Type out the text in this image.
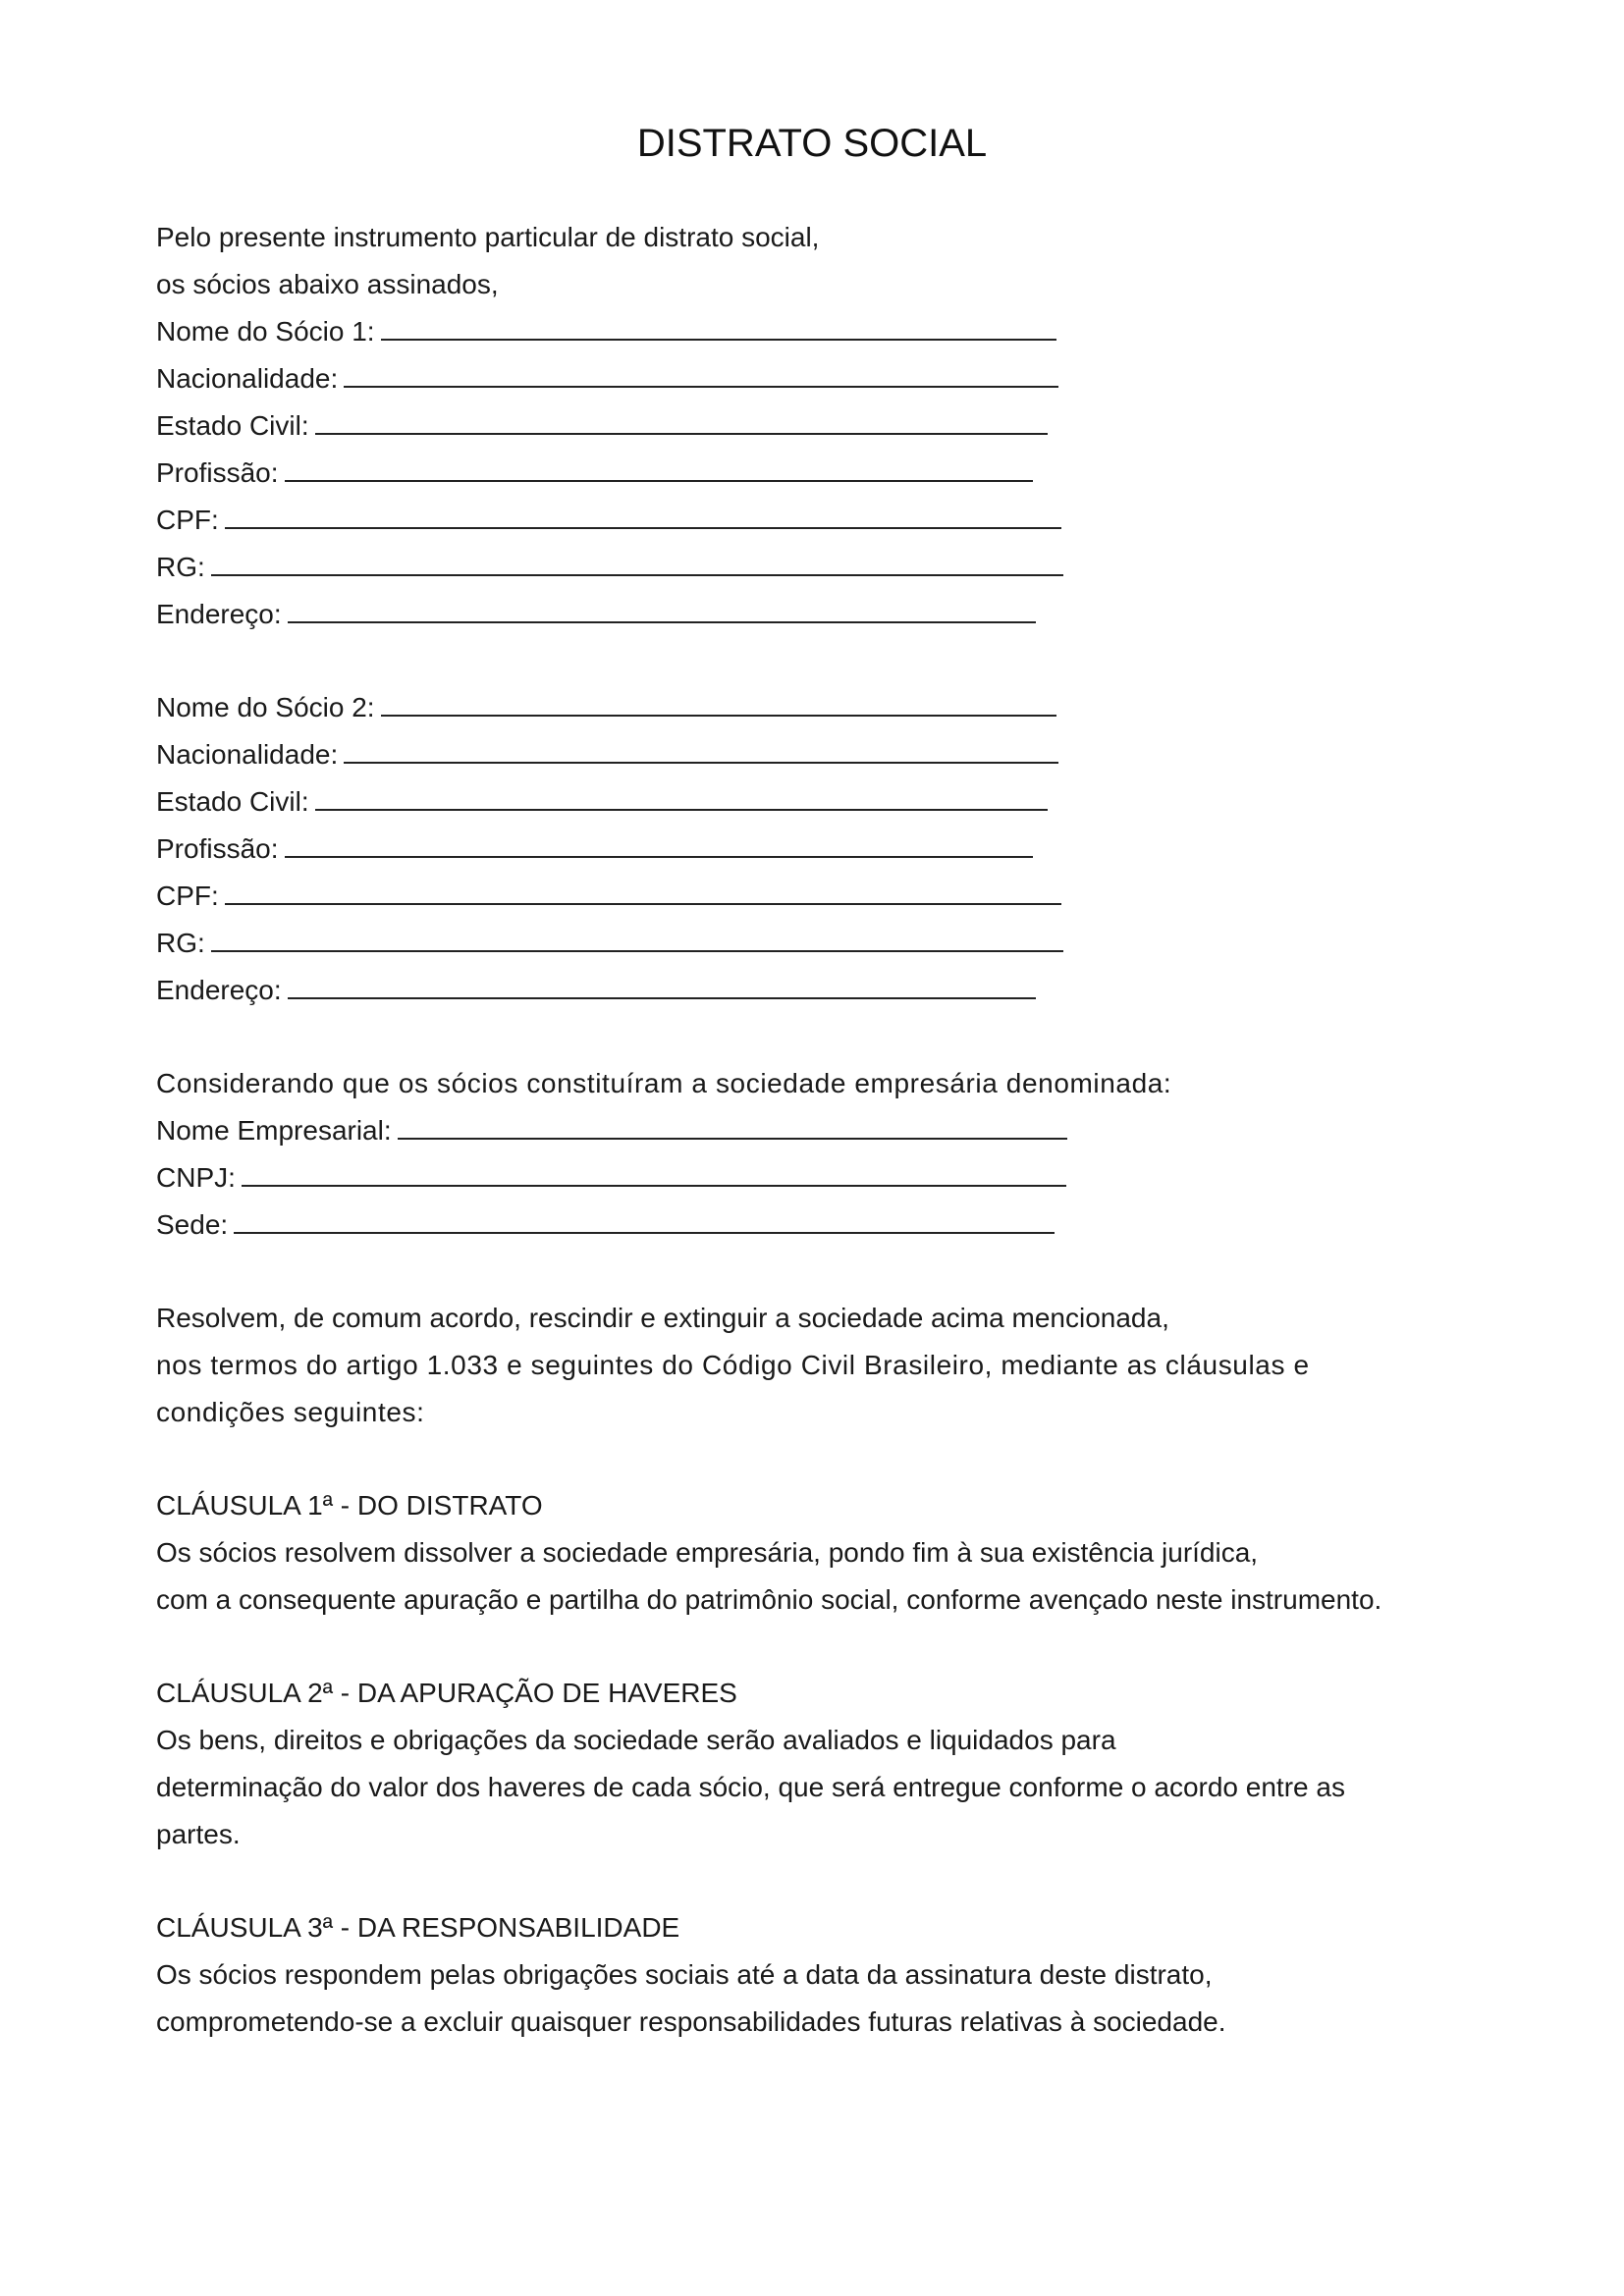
DISTRATO SOCIAL
Pelo presente instrumento particular de distrato social,
os sócios abaixo assinados,
Nome do Sócio 1:
Nacionalidade:
Estado Civil:
Profissão:
CPF:
RG:
Endereço:
Nome do Sócio 2:
Nacionalidade:
Estado Civil:
Profissão:
CPF:
RG:
Endereço:
Considerando que os sócios constituíram a sociedade empresária denominada:
Nome Empresarial:
CNPJ:
Sede:
Resolvem, de comum acordo, rescindir e extinguir a sociedade acima mencionada,
nos termos do artigo 1.033 e seguintes do Código Civil Brasileiro, mediante as cláusulas e
condições seguintes:
CLÁUSULA 1ª - DO DISTRATO
Os sócios resolvem dissolver a sociedade empresária, pondo fim à sua existência jurídica,
com a consequente apuração e partilha do patrimônio social, conforme avençado neste instrumento.
CLÁUSULA 2ª - DA APURAÇÃO DE HAVERES
Os bens, direitos e obrigações da sociedade serão avaliados e liquidados para
determinação do valor dos haveres de cada sócio, que será entregue conforme o acordo entre as
partes.
CLÁUSULA 3ª - DA RESPONSABILIDADE
Os sócios respondem pelas obrigações sociais até a data da assinatura deste distrato,
comprometendo-se a excluir quaisquer responsabilidades futuras relativas à sociedade.
